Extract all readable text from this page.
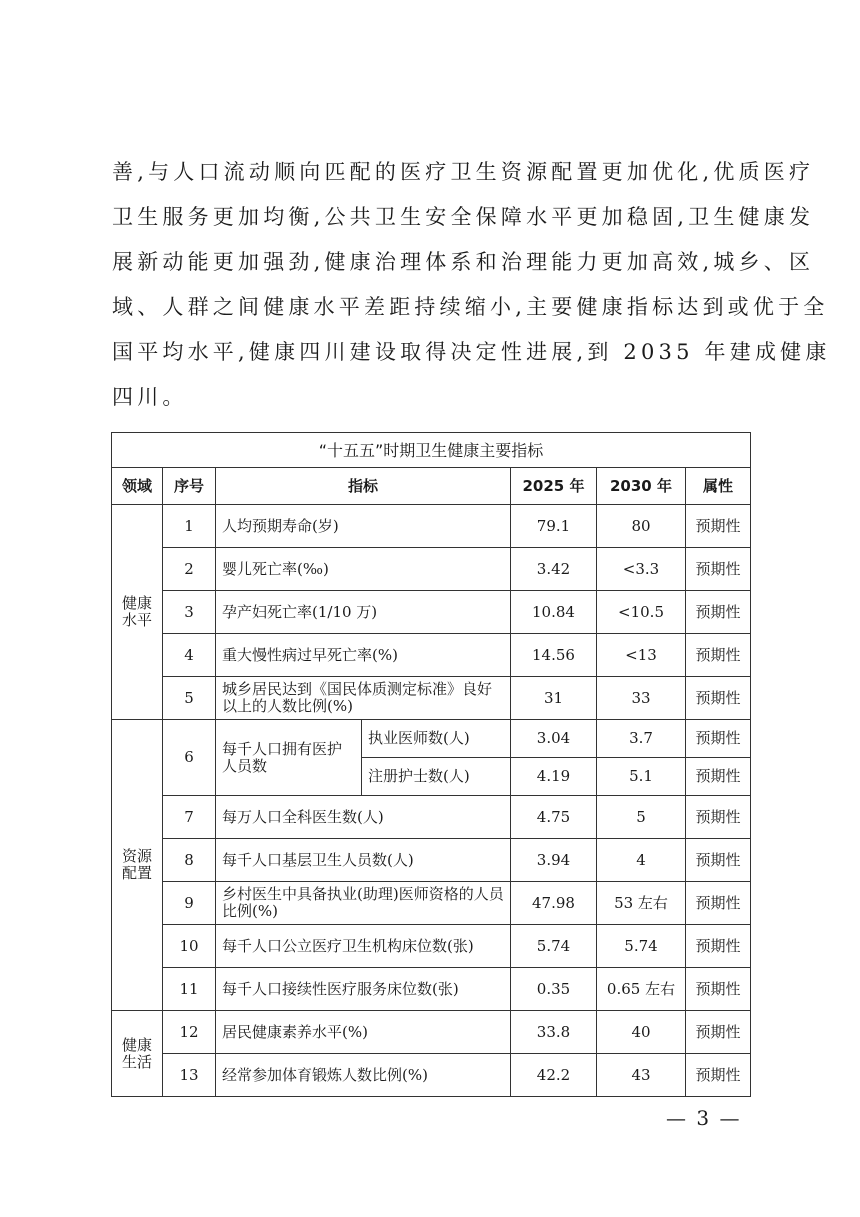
善,与人口流动顺向匹配的医疗卫生资源配置更加优化,优质医疗
卫生服务更加均衡,公共卫生安全保障水平更加稳固,卫生健康发
展新动能更加强劲,健康治理体系和治理能力更加高效,城乡、区
域、人群之间健康水平差距持续缩小,主要健康指标达到或优于全
国平均水平,健康四川建设取得决定性进展,到 2035 年建成健康
四川。
“十五五”时期卫生健康主要指标						
领域	序号	指标		2025 年	2030 年	属性
健康水平	1	人均预期寿命(岁)		79.1	80	预期性
	2	婴儿死亡率(‰)		3.42	<3.3	预期性
	3	孕产妇死亡率(1/10 万)		10.84	<10.5	预期性
	4	重大慢性病过早死亡率(%)		14.56	<13	预期性
	5	城乡居民达到《国民体质测定标准》良好以上的人数比例(%)		31	33	预期性
资源配置	6	每千人口拥有医护人员数	执业医师数(人)	3.04	3.7	预期性
			注册护士数(人)	4.19	5.1	预期性
	7	每万人口全科医生数(人)		4.75	5	预期性
	8	每千人口基层卫生人员数(人)		3.94	4	预期性
	9	乡村医生中具备执业(助理)医师资格的人员比例(%)		47.98	53 左右	预期性
	10	每千人口公立医疗卫生机构床位数(张)		5.74	5.74	预期性
	11	每千人口接续性医疗服务床位数(张)		0.35	0.65 左右	预期性
健康生活	12	居民健康素养水平(%)		33.8	40	预期性
	13	经常参加体育锻炼人数比例(%)		42.2	43	预期性
— 3 —
